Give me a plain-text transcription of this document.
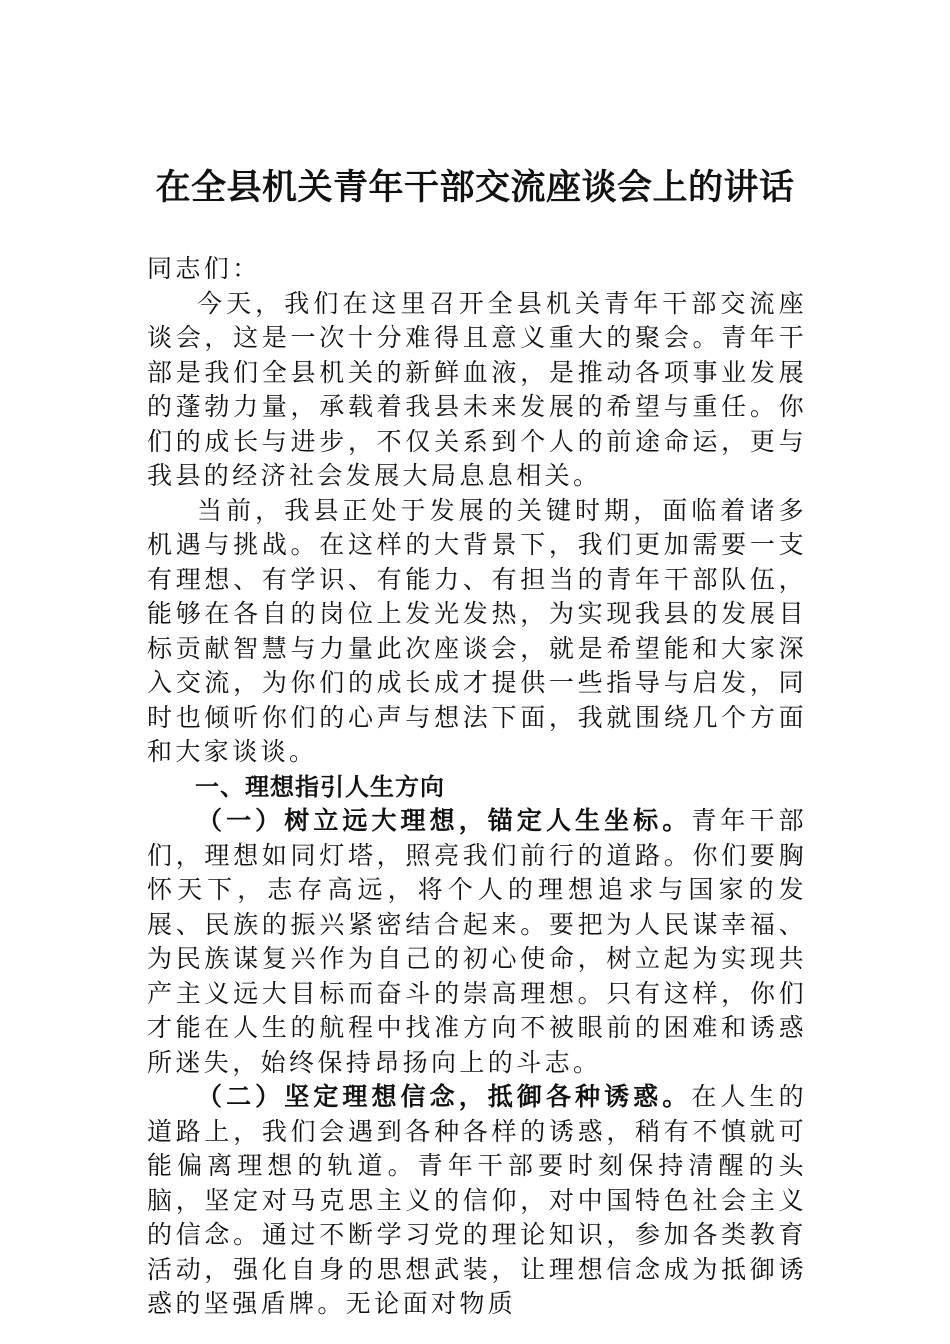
在全县机关青年干部交流座谈会上的讲话

同志们：

今天，我们在这里召开全县机关青年干部交流座谈会，这是一次十分难得且意义重大的聚会。青年干部是我们全县机关的新鲜血液，是推动各项事业发展的蓬勃力量，承载着我县未来发展的希望与重任。你们的成长与进步，不仅关系到个人的前途命运，更与我县的经济社会发展大局息息相关。

当前，我县正处于发展的关键时期，面临着诸多机遇与挑战。在这样的大背景下，我们更加需要一支有理想、有学识、有能力、有担当的青年干部队伍，能够在各自的岗位上发光发热，为实现我县的发展目标贡献智慧与力量此次座谈会，就是希望能和大家深入交流，为你们的成长成才提供一些指导与启发，同时也倾听你们的心声与想法下面，我就围绕几个方面和大家谈谈。

一、理想指引人生方向

（一）树立远大理想，锚定人生坐标。青年干部们，理想如同灯塔，照亮我们前行的道路。你们要胸怀天下，志存高远，将个人的理想追求与国家的发展、民族的振兴紧密结合起来。要把为人民谋幸福、为民族谋复兴作为自己的初心使命，树立起为实现共产主义远大目标而奋斗的崇高理想。只有这样，你们才能在人生的航程中找准方向不被眼前的困难和诱惑所迷失，始终保持昂扬向上的斗志。

（二）坚定理想信念，抵御各种诱惑。在人生的道路上，我们会遇到各种各样的诱惑，稍有不慎就可能偏离理想的轨道。青年干部要时刻保持清醒的头脑，坚定对马克思主义的信仰，对中国特色社会主义的信念。通过不断学习党的理论知识，参加各类教育活动，强化自身的思想武装，让理想信念成为抵御诱惑的坚强盾牌。无论面对物质
